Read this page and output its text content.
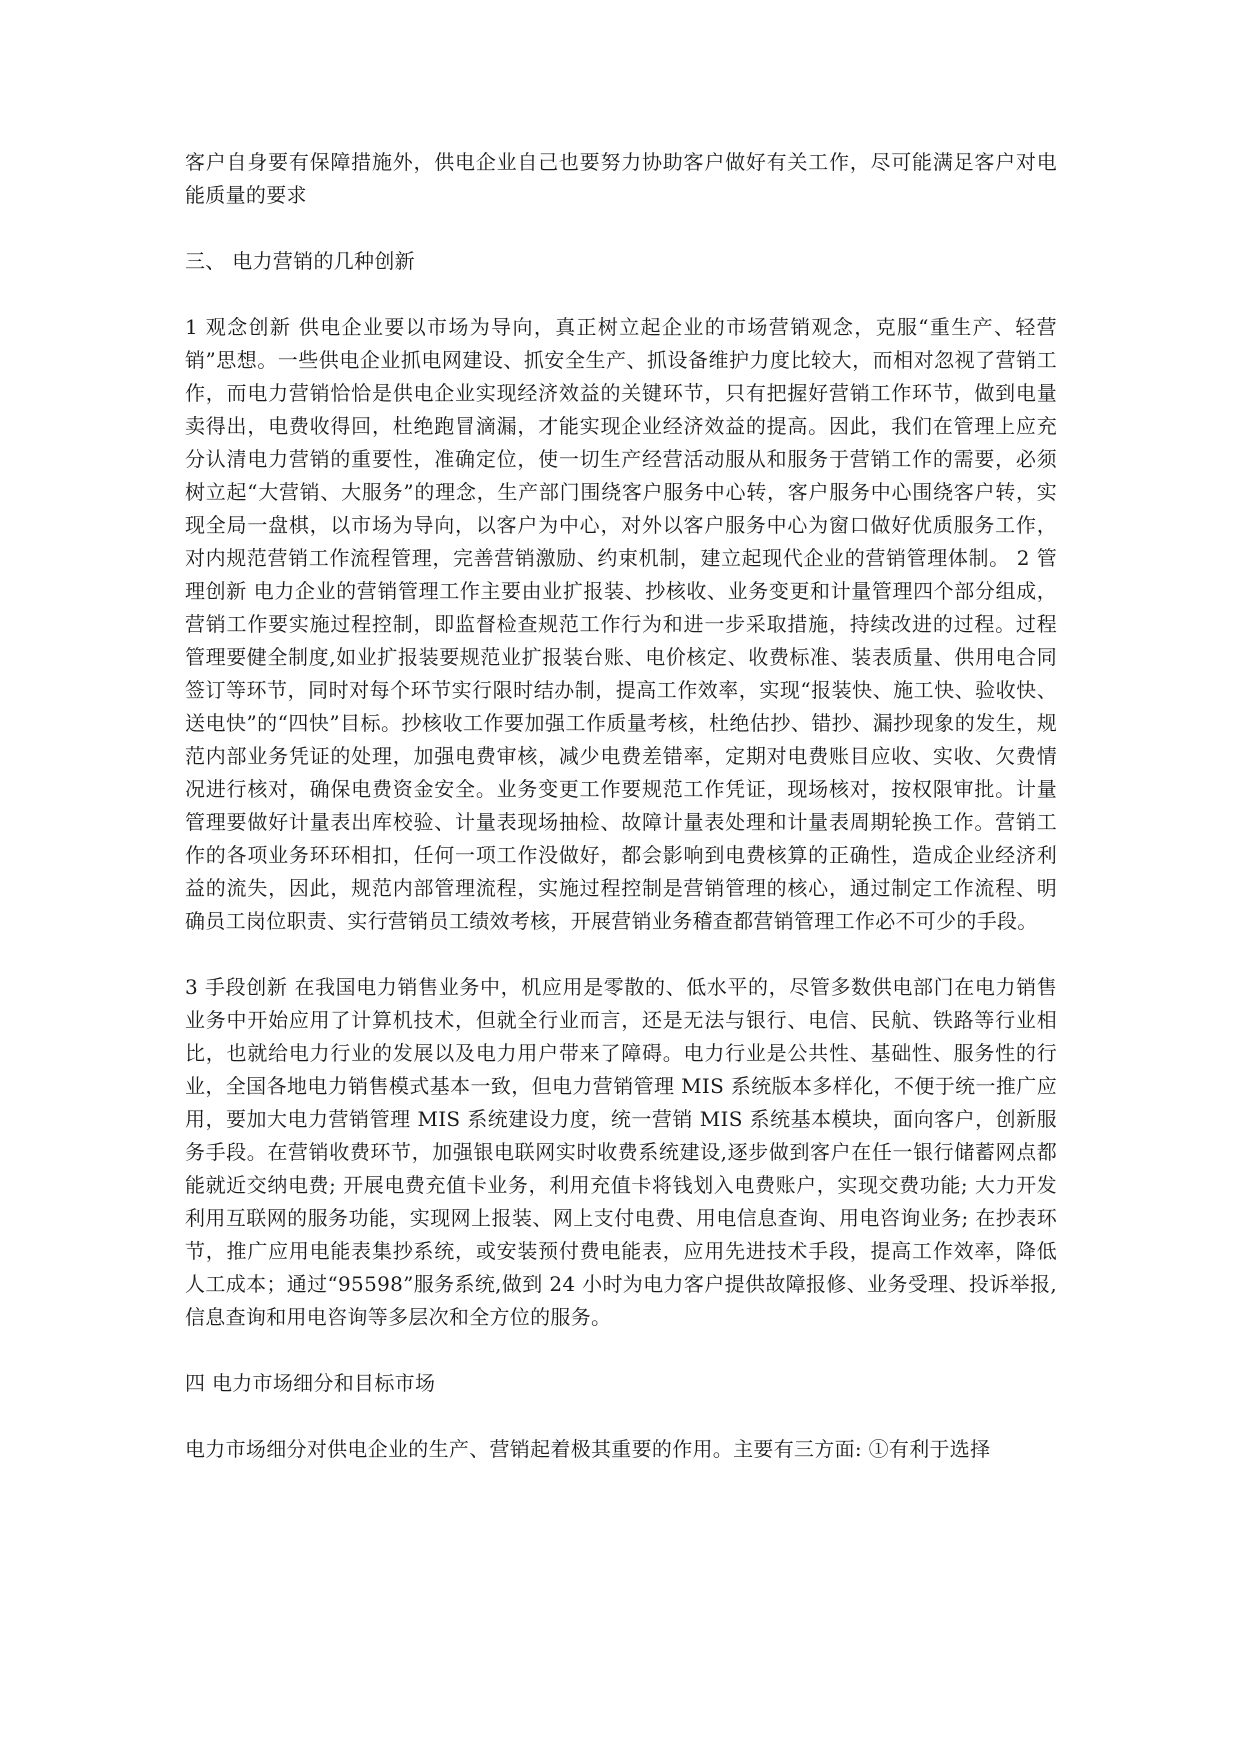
客户自身要有保障措施外，供电企业自己也要努力协助客户做好有关工作，尽可能满足客户对电能质量的要求

三、 电力营销的几种创新

1 观念创新 供电企业要以市场为导向，真正树立起企业的市场营销观念，克服“重生产、轻营销”思想。一些供电企业抓电网建设、抓安全生产、抓设备维护力度比较大，而相对忽视了营销工作，而电力营销恰恰是供电企业实现经济效益的关键环节，只有把握好营销工作环节，做到电量卖得出，电费收得回，杜绝跑冒滴漏，才能实现企业经济效益的提高。因此，我们在管理上应充分认清电力营销的重要性，准确定位，使一切生产经营活动服从和服务于营销工作的需要，必须树立起“大营销、大服务”的理念，生产部门围绕客户服务中心转，客户服务中心围绕客户转，实现全局一盘棋，以市场为导向，以客户为中心，对外以客户服务中心为窗口做好优质服务工作，对内规范营销工作流程管理，完善营销激励、约束机制，建立起现代企业的营销管理体制。 2 管理创新 电力企业的营销管理工作主要由业扩报装、抄核收、业务变更和计量管理四个部分组成，营销工作要实施过程控制，即监督检查规范工作行为和进一步采取措施，持续改进的过程。过程管理要健全制度,如业扩报装要规范业扩报装台账、电价核定、收费标准、装表质量、供用电合同签订等环节，同时对每个环节实行限时结办制，提高工作效率，实现“报装快、施工快、验收快、送电快”的“四快”目标。抄核收工作要加强工作质量考核，杜绝估抄、错抄、漏抄现象的发生，规范内部业务凭证的处理，加强电费审核，减少电费差错率，定期对电费账目应收、实收、欠费情况进行核对，确保电费资金安全。业务变更工作要规范工作凭证，现场核对，按权限审批。计量管理要做好计量表出库校验、计量表现场抽检、故障计量表处理和计量表周期轮换工作。营销工作的各项业务环环相扣，任何一项工作没做好，都会影响到电费核算的正确性，造成企业经济利益的流失，因此，规范内部管理流程，实施过程控制是营销管理的核心，通过制定工作流程、明确员工岗位职责、实行营销员工绩效考核，开展营销业务稽查都营销管理工作必不可少的手段。

3 手段创新 在我国电力销售业务中，机应用是零散的、低水平的，尽管多数供电部门在电力销售业务中开始应用了计算机技术，但就全行业而言，还是无法与银行、电信、民航、铁路等行业相比，也就给电力行业的发展以及电力用户带来了障碍。电力行业是公共性、基础性、服务性的行业，全国各地电力销售模式基本一致，但电力营销管理 MIS 系统版本多样化，不便于统一推广应用，要加大电力营销管理 MIS 系统建设力度，统一营销 MIS 系统基本模块，面向客户，创新服务手段。在营销收费环节，加强银电联网实时收费系统建设,逐步做到客户在任一银行储蓄网点都能就近交纳电费; 开展电费充值卡业务，利用充值卡将钱划入电费账户，实现交费功能; 大力开发利用互联网的服务功能，实现网上报装、网上支付电费、用电信息查询、用电咨询业务; 在抄表环节，推广应用电能表集抄系统，或安装预付费电能表，应用先进技术手段，提高工作效率，降低人工成本；通过“95598”服务系统,做到 24 小时为电力客户提供故障报修、业务受理、投诉举报,信息查询和用电咨询等多层次和全方位的服务。

四 电力市场细分和目标市场

电力市场细分对供电企业的生产、营销起着极其重要的作用。主要有三方面: ①有利于选择
